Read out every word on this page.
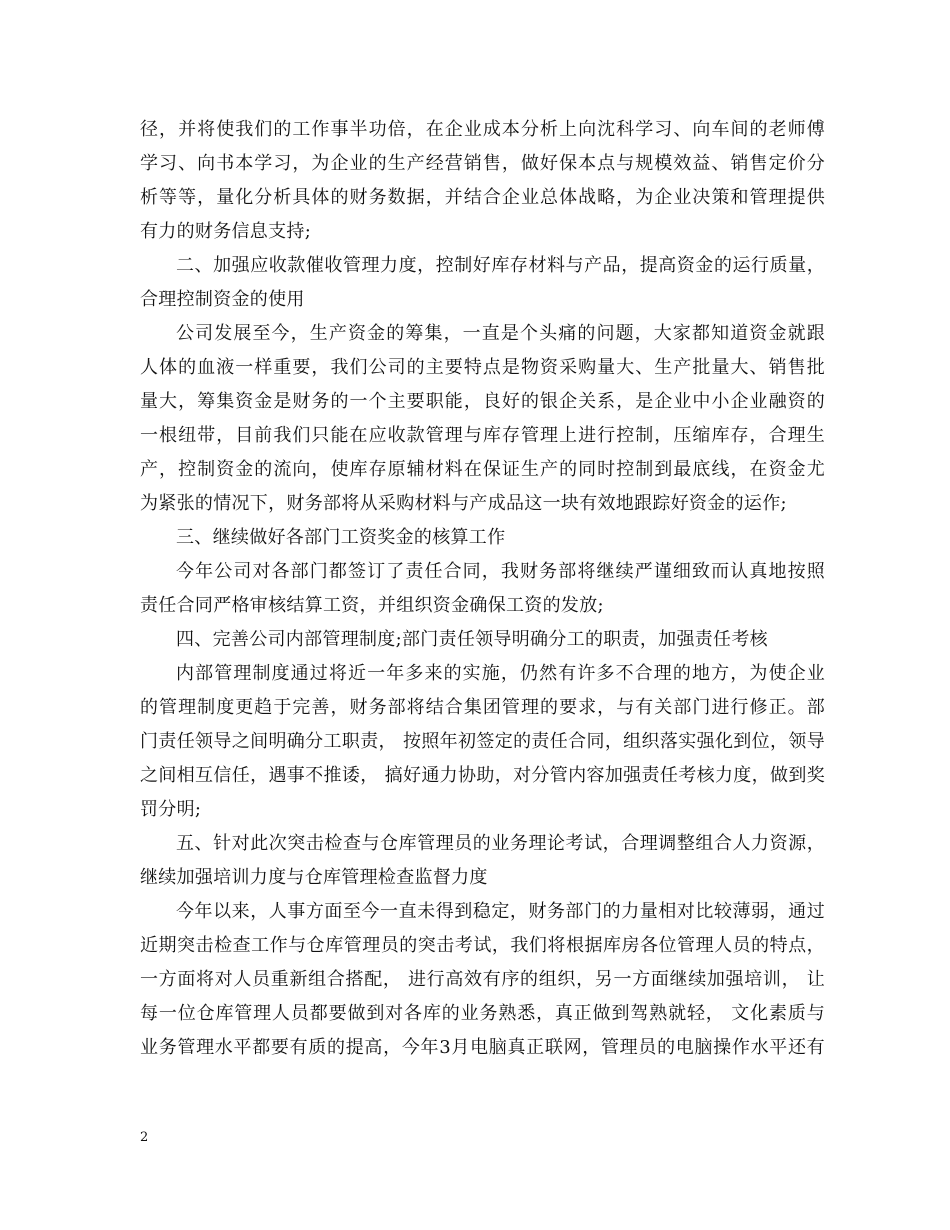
径，并将使我们的工作事半功倍，在企业成本分析上向沈科学习、向车间的老师傅
学习、向书本学习，为企业的生产经营销售，做好保本点与规模效益、销售定价分
析等等，量化分析具体的财务数据，并结合企业总体战略，为企业决策和管理提供
有力的财务信息支持;
二、加强应收款催收管理力度，控制好库存材料与产品，提高资金的运行质量，
合理控制资金的使用
公司发展至今，生产资金的筹集，一直是个头痛的问题，大家都知道资金就跟
人体的血液一样重要，我们公司的主要特点是物资采购量大、生产批量大、销售批
量大，筹集资金是财务的一个主要职能，良好的银企关系，是企业中小企业融资的
一根纽带，目前我们只能在应收款管理与库存管理上进行控制，压缩库存，合理生
产，控制资金的流向，使库存原辅材料在保证生产的同时控制到最底线，在资金尤
为紧张的情况下，财务部将从采购材料与产成品这一块有效地跟踪好资金的运作;
三、继续做好各部门工资奖金的核算工作
今年公司对各部门都签订了责任合同，我财务部将继续严谨细致而认真地按照
责任合同严格审核结算工资，并组织资金确保工资的发放;
四、完善公司内部管理制度;部门责任领导明确分工的职责，加强责任考核
内部管理制度通过将近一年多来的实施，仍然有许多不合理的地方，为使企业
的管理制度更趋于完善，财务部将结合集团管理的要求，与有关部门进行修正。部
门责任领导之间明确分工职责， 按照年初签定的责任合同，组织落实强化到位，领导
之间相互信任，遇事不推诿， 搞好通力协助，对分管内容加强责任考核力度，做到奖
罚分明;
五、针对此次突击检查与仓库管理员的业务理论考试，合理调整组合人力资源，
继续加强培训力度与仓库管理检查监督力度
今年以来，人事方面至今一直未得到稳定，财务部门的力量相对比较薄弱，通过
近期突击检查工作与仓库管理员的突击考试，我们将根据库房各位管理人员的特点，
一方面将对人员重新组合搭配， 进行高效有序的组织，另一方面继续加强培训， 让
每一位仓库管理人员都要做到对各库的业务熟悉，真正做到驾熟就轻， 文化素质与
业务管理水平都要有质的提高，今年3月电脑真正联网，管理员的电脑操作水平还有
2
